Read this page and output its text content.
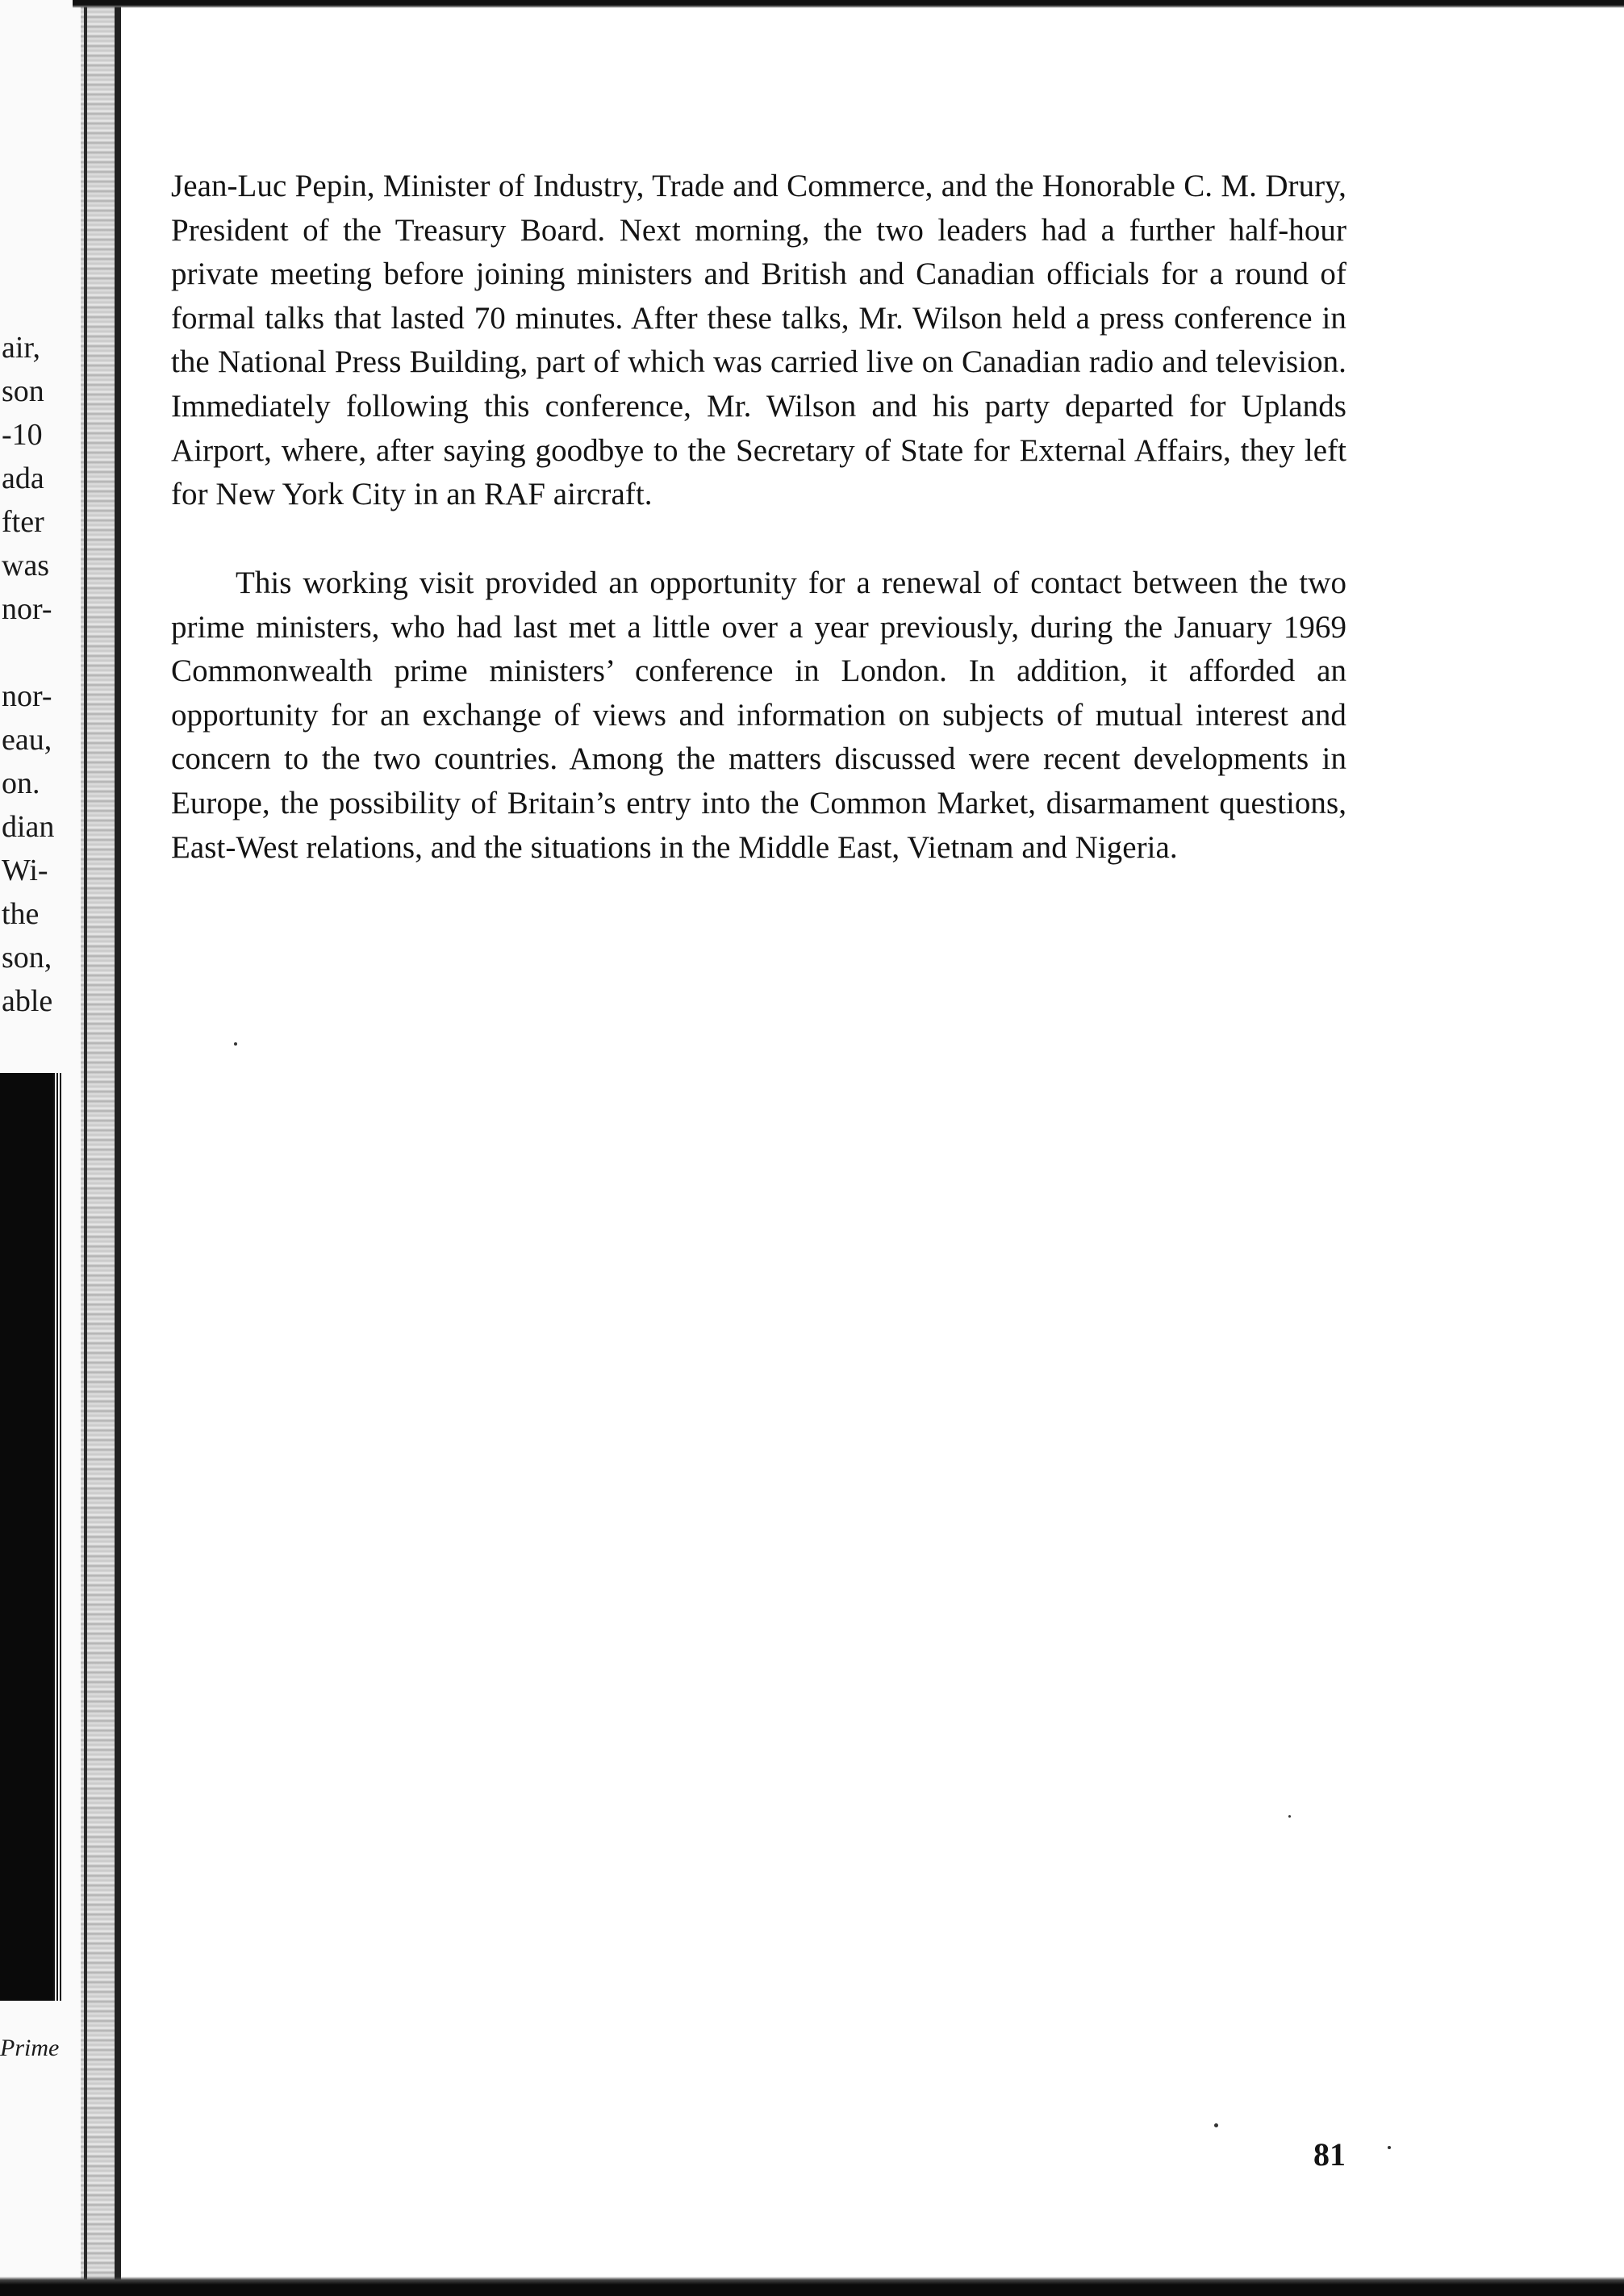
air,
son
-10
ada
fter
was
nor-
nor-
eau,
on.
dian
Wi-
the
son,
able
Prime

Jean-Luc Pepin, Minister of Industry, Trade and Commerce, and the Honorable C. M. Drury, President of the Treasury Board. Next morning, the two leaders had a further half-hour private meeting before joining ministers and British and Canadian officials for a round of formal talks that lasted 70 minutes. After these talks, Mr. Wilson held a press conference in the National Press Building, part of which was carried live on Canadian radio and television. Immediately following this conference, Mr. Wilson and his party departed for Uplands Airport, where, after saying goodbye to the Secretary of State for External Affairs, they left for New York City in an RAF aircraft.

This working visit provided an opportunity for a renewal of contact between the two prime ministers, who had last met a little over a year previously, during the January 1969 Commonwealth prime ministers’ conference in London. In addition, it afforded an opportunity for an exchange of views and information on subjects of mutual interest and concern to the two countries. Among the matters discussed were recent developments in Europe, the possibility of Britain’s entry into the Common Market, disarmament questions, East-West relations, and the situations in the Middle East, Vietnam and Nigeria.

81
